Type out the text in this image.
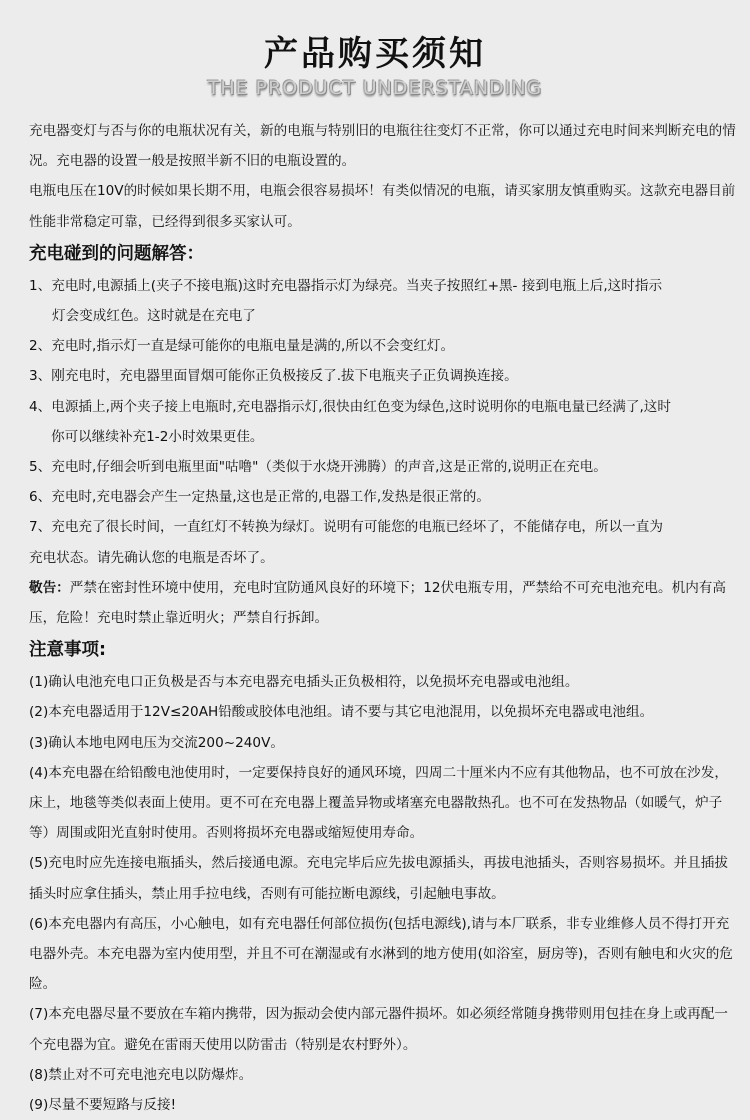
产品购买须知
THE PRODUCT UNDERSTANDING

充电器变灯与否与你的电瓶状况有关，新的电瓶与特别旧的电瓶往往变灯不正常，你可以通过充电时间来判断充电的情况。充电器的设置一般是按照半新不旧的电瓶设置的。

电瓶电压在10V的时候如果长期不用，电瓶会很容易损坏！有类似情况的电瓶，请买家朋友慎重购买。这款充电器目前性能非常稳定可靠，已经得到很多买家认可。

充电碰到的问题解答：

1、充电时,电源插上(夹子不接电瓶)这时充电器指示灯为绿亮。当夹子按照红+黑- 接到电瓶上后,这时指示
灯会变成红色。这时就是在充电了

2、充电时,指示灯一直是绿可能你的电瓶电量是满的,所以不会变红灯。

3、刚充电时，充电器里面冒烟可能你正负极接反了.拔下电瓶夹子正负调换连接。

4、电源插上,两个夹子接上电瓶时,充电器指示灯,很快由红色变为绿色,这时说明你的电瓶电量已经满了,这时
你可以继续补充1-2小时效果更佳。

5、充电时,仔细会听到电瓶里面"咕噜"（类似于水烧开沸腾）的声音,这是正常的,说明正在充电。

6、充电时,充电器会产生一定热量,这也是正常的,电器工作,发热是很正常的。

7、充电充了很长时间，一直红灯不转换为绿灯。说明有可能您的电瓶已经坏了，不能储存电，所以一直为
充电状态。请先确认您的电瓶是否坏了。

敬告：严禁在密封性环境中使用，充电时宜防通风良好的环境下；12伏电瓶专用，严禁给不可充电池充电。机内有高压，危险！充电时禁止靠近明火；严禁自行拆卸。

注意事项:

(1)确认电池充电口正负极是否与本充电器充电插头正负极相符，以免损坏充电器或电池组。

(2)本充电器适用于12V≤20AH铅酸或胶体电池组。请不要与其它电池混用，以免损坏充电器或电池组。

(3)确认本地电网电压为交流200~240V。

(4)本充电器在给铅酸电池使用时，一定要保持良好的通风环境，四周二十厘米内不应有其他物品，也不可放在沙发，床上，地毯等类似表面上使用。更不可在充电器上覆盖异物或堵塞充电器散热孔。也不可在发热物品（如暖气，炉子等）周围或阳光直射时使用。否则将损坏充电器或缩短使用寿命。

(5)充电时应先连接电瓶插头，然后接通电源。充电完毕后应先拔电源插头，再拔电池插头，否则容易损坏。并且插拔插头时应拿住插头，禁止用手拉电线，否则有可能拉断电源线，引起触电事故。

(6)本充电器内有高压，小心触电，如有充电器任何部位损伤(包括电源线),请与本厂联系，非专业维修人员不得打开充电器外壳。本充电器为室内使用型，并且不可在潮湿或有水淋到的地方使用(如浴室，厨房等)，否则有触电和火灾的危险。

(7)本充电器尽量不要放在车箱内携带，因为振动会使内部元器件损坏。如必须经常随身携带则用包挂在身上或再配一个充电器为宜。避免在雷雨天使用以防雷击（特别是农村野外）。

(8)禁止对不可充电池充电以防爆炸。

(9)尽量不要短路与反接!
